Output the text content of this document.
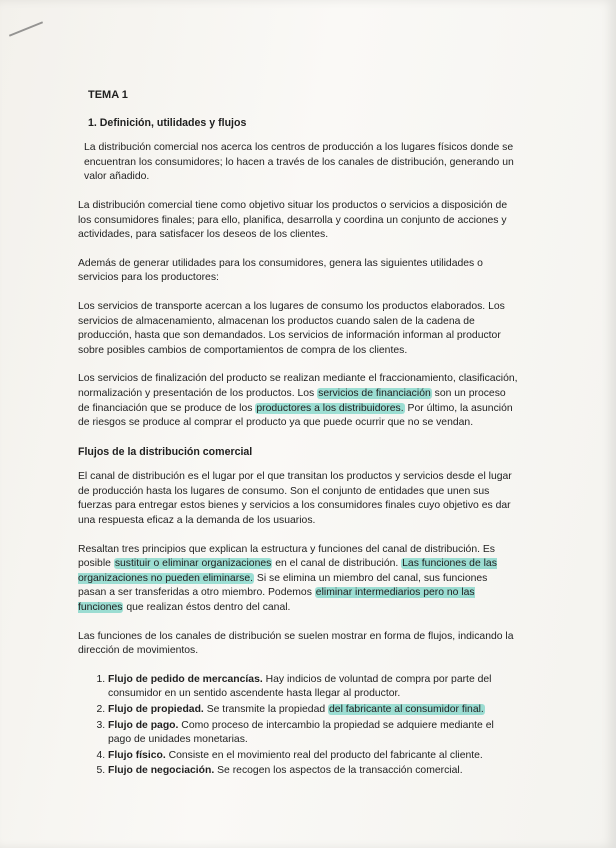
TEMA 1
1. Definición, utilidades y flujos

La distribución comercial nos acerca los centros de producción a los lugares físicos donde se encuentran los consumidores; lo hacen a través de los canales de distribución, generando un valor añadido.

La distribución comercial tiene como objetivo situar los productos o servicios a disposición de los consumidores finales; para ello, planifica, desarrolla y coordina un conjunto de acciones y actividades, para satisfacer los deseos de los clientes.

Además de generar utilidades para los consumidores, genera las siguientes utilidades o servicios para los productores:

Los servicios de transporte acercan a los lugares de consumo los productos elaborados. Los servicios de almacenamiento, almacenan los productos cuando salen de la cadena de producción, hasta que son demandados. Los servicios de información informan al productor sobre posibles cambios de comportamientos de compra de los clientes.

Los servicios de finalización del producto se realizan mediante el fraccionamiento, clasificación, normalización y presentación de los productos. Los servicios de financiación son un proceso de financiación que se produce de los productores a los distribuidores. Por último, la asunción de riesgos se produce al comprar el producto ya que puede ocurrir que no se vendan.

Flujos de la distribución comercial

El canal de distribución es el lugar por el que transitan los productos y servicios desde el lugar de producción hasta los lugares de consumo. Son el conjunto de entidades que unen sus fuerzas para entregar estos bienes y servicios a los consumidores finales cuyo objetivo es dar una respuesta eficaz a la demanda de los usuarios.

Resaltan tres principios que explican la estructura y funciones del canal de distribución. Es posible sustituir o eliminar organizaciones en el canal de distribución. Las funciones de las organizaciones no pueden eliminarse. Si se elimina un miembro del canal, sus funciones pasan a ser transferidas a otro miembro. Podemos eliminar intermediarios pero no las funciones que realizan éstos dentro del canal.

Las funciones de los canales de distribución se suelen mostrar en forma de flujos, indicando la dirección de movimientos.

1. Flujo de pedido de mercancías. Hay indicios de voluntad de compra por parte del consumidor en un sentido ascendente hasta llegar al productor.
2. Flujo de propiedad. Se transmite la propiedad del fabricante al consumidor final.
3. Flujo de pago. Como proceso de intercambio la propiedad se adquiere mediante el pago de unidades monetarias.
4. Flujo físico. Consiste en el movimiento real del producto del fabricante al cliente.
5. Flujo de negociación. Se recogen los aspectos de la transacción comercial.
